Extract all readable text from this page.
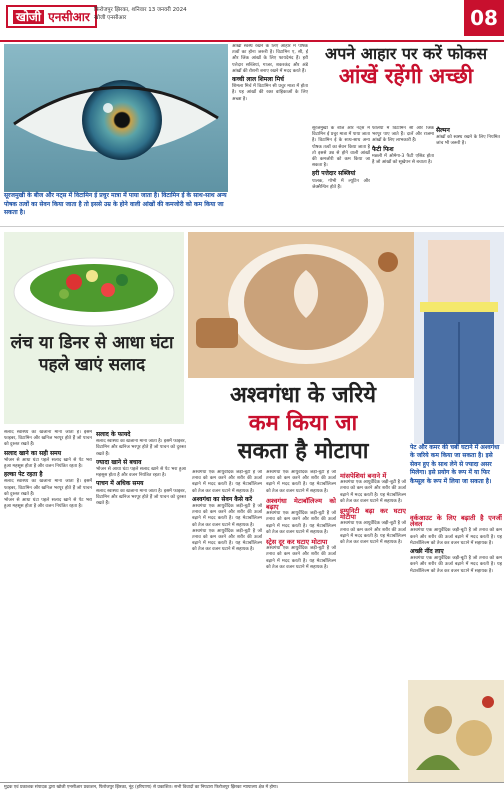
खोजी एनसीआर फिरोजपुर झिरका, शनिवार 13 जनवरी 2024
खोजी एनसीआर	08
सूरजमुखी के बीज और नट्स में विटामिन ई प्रचुर मात्रा में पाया जाता है। विटामिन ई के साथ-साथ अन्य पोषक तत्वों का सेवन किया जाता है तो इससे उम्र के होने वाली आंखों की कमजोरी को कम किया जा सकता है।
आंखों स्वस्थ रखने के लिए आहार में पोषक तत्वों का होना जरूरी है। विटामिन ए, सी, ई और जिंक आंखों के लिए फायदेमंद हैं। हरी पत्तेदार सब्जियां, गाजर, शकरकंद और अंडे आंखों की रोशनी बनाए रखने में मदद करते हैं।
कच्ची लाल शिमला मिर्च
शिमला मिर्च में विटामिन सी प्रचुर मात्रा में होता है। यह आंखों की रक्त वाहिकाओं के लिए अच्छा है।
अपने आहार पर करें फोकस
आंखें रहेंगी अच्छी
सूरजमुखी के बीज और नट्स में विटामिन ई प्रचुर मात्रा में पाया जाता है। विटामिन ई के साथ-साथ अन्य पोषक तत्वों का सेवन किया जाता है तो इससे उम्र से होने वाली आंखों की कमजोरी को कम किया जा सकता है।
हरी पत्तेदार सब्जियां
पालक, गोभी में ल्यूटिन और जेक्सैन्थिन होते हैं।
फलियों में विटामिन सी और जिंक भरपूर पाए जाते हैं। दालें और राजमा आंखों के लिए लाभकारी हैं।
फैटी फिश
मछली में ओमेगा-3 फैटी एसिड होता है जो आंखों को सूखेपन से बचाता है।
सैल्मन
आंखों को स्वस्थ रखने के लिए नियमित जांच भी जरूरी है।
लंच या डिनर से आधा घंटा पहले खाएं सलाद
सलाद स्वास्थ्य का खजाना माना जाता है। इसमें फाइबर, विटामिन और खनिज भरपूर होते हैं जो पाचन को दुरुस्त रखते हैं।
सलाद खाने का सही समय
भोजन से आधा घंटा पहले सलाद खाने से पेट भरा हुआ महसूस होता है और वजन नियंत्रित रहता है।
हल्का पेट रहता है
सलाद स्वास्थ्य का खजाना माना जाता है। इसमें फाइबर, विटामिन और खनिज भरपूर होते हैं जो पाचन को दुरुस्त रखते हैं।
भोजन से आधा घंटा पहले सलाद खाने से पेट भरा हुआ महसूस होता है और वजन नियंत्रित रहता है।
सलाद के फायदे
सलाद स्वास्थ्य का खजाना माना जाता है। इसमें फाइबर, विटामिन और खनिज भरपूर होते हैं जो पाचन को दुरुस्त रखते हैं।
ज्यादा खाने से बचाव
भोजन से आधा घंटा पहले सलाद खाने से पेट भरा हुआ महसूस होता है और वजन नियंत्रित रहता है।
पाचन में अधिक समय
सलाद स्वास्थ्य का खजाना माना जाता है। इसमें फाइबर, विटामिन और खनिज भरपूर होते हैं जो पाचन को दुरुस्त रखते हैं।
अश्वगंधा के जरिये
कम किया जा
सकता है मोटापा	पेट और कमर की चर्बी घटाने में अश्वगंधा के जरिये कम किया जा सकता है। इसे सेवन हुए के साथ लेने से ज्यादा असर मिलेगा। इसे प्रयोग के रूप में या फिर कैप्सूल के रूप में लिया जा सकता है।
अश्वगंधा एक आयुर्वेदिक जड़ी-बूटी है जो तनाव को कम करने और शरीर की ऊर्जा बढ़ाने में मदद करती है। यह मेटाबॉलिज्म को तेज कर वजन घटाने में सहायक है।
अश्वगंधा का सेवन कैसे करें
अश्वगंधा एक आयुर्वेदिक जड़ी-बूटी है जो तनाव को कम करने और शरीर की ऊर्जा बढ़ाने में मदद करती है। यह मेटाबॉलिज्म को तेज कर वजन घटाने में सहायक है।
अश्वगंधा एक आयुर्वेदिक जड़ी-बूटी है जो तनाव को कम करने और शरीर की ऊर्जा बढ़ाने में मदद करती है। यह मेटाबॉलिज्म को तेज कर वजन घटाने में सहायक है।
अश्वगंधा एक आयुर्वेदिक जड़ी-बूटी है जो तनाव को कम करने और शरीर की ऊर्जा बढ़ाने में मदद करती है। यह मेटाबॉलिज्म को तेज कर वजन घटाने में सहायक है।
अश्वगंधा मेटाबॉलिज्म को बढ़ाए
अश्वगंधा एक आयुर्वेदिक जड़ी-बूटी है जो तनाव को कम करने और शरीर की ऊर्जा बढ़ाने में मदद करती है। यह मेटाबॉलिज्म को तेज कर वजन घटाने में सहायक है।
स्ट्रेस दूर कर घटाए मोटापा
अश्वगंधा एक आयुर्वेदिक जड़ी-बूटी है जो तनाव को कम करने और शरीर की ऊर्जा बढ़ाने में मदद करती है। यह मेटाबॉलिज्म को तेज कर वजन घटाने में सहायक है।
मांसपेशियां बनाने में
अश्वगंधा एक आयुर्वेदिक जड़ी-बूटी है जो तनाव को कम करने और शरीर की ऊर्जा बढ़ाने में मदद करती है। यह मेटाबॉलिज्म को तेज कर वजन घटाने में सहायक है।
इम्युनिटी बढ़ा कर घटाए मोटापा
अश्वगंधा एक आयुर्वेदिक जड़ी-बूटी है जो तनाव को कम करने और शरीर की ऊर्जा बढ़ाने में मदद करती है। यह मेटाबॉलिज्म को तेज कर वजन घटाने में सहायक है।
वर्कआउट के लिए बढ़ाती है एनर्जी लेवल
अश्वगंधा एक आयुर्वेदिक जड़ी-बूटी है जो तनाव को कम करने और शरीर की ऊर्जा बढ़ाने में मदद करती है। यह मेटाबॉलिज्म को तेज कर वजन घटाने में सहायक है।
अच्छी नींद लाए
अश्वगंधा एक आयुर्वेदिक जड़ी-बूटी है जो तनाव को कम करने और शरीर की ऊर्जा बढ़ाने में मदद करती है। यह मेटाबॉलिज्म को तेज कर वजन घटाने में सहायक है।
मुद्रक एवं प्रकाशक संपादक द्वारा खोजी एनसीआर प्रकाशन, फिरोजपुर झिरका, नूंह (हरियाणा) से प्रकाशित। सभी विवादों का निपटारा फिरोजपुर झिरका न्यायालय क्षेत्र में होगा।
